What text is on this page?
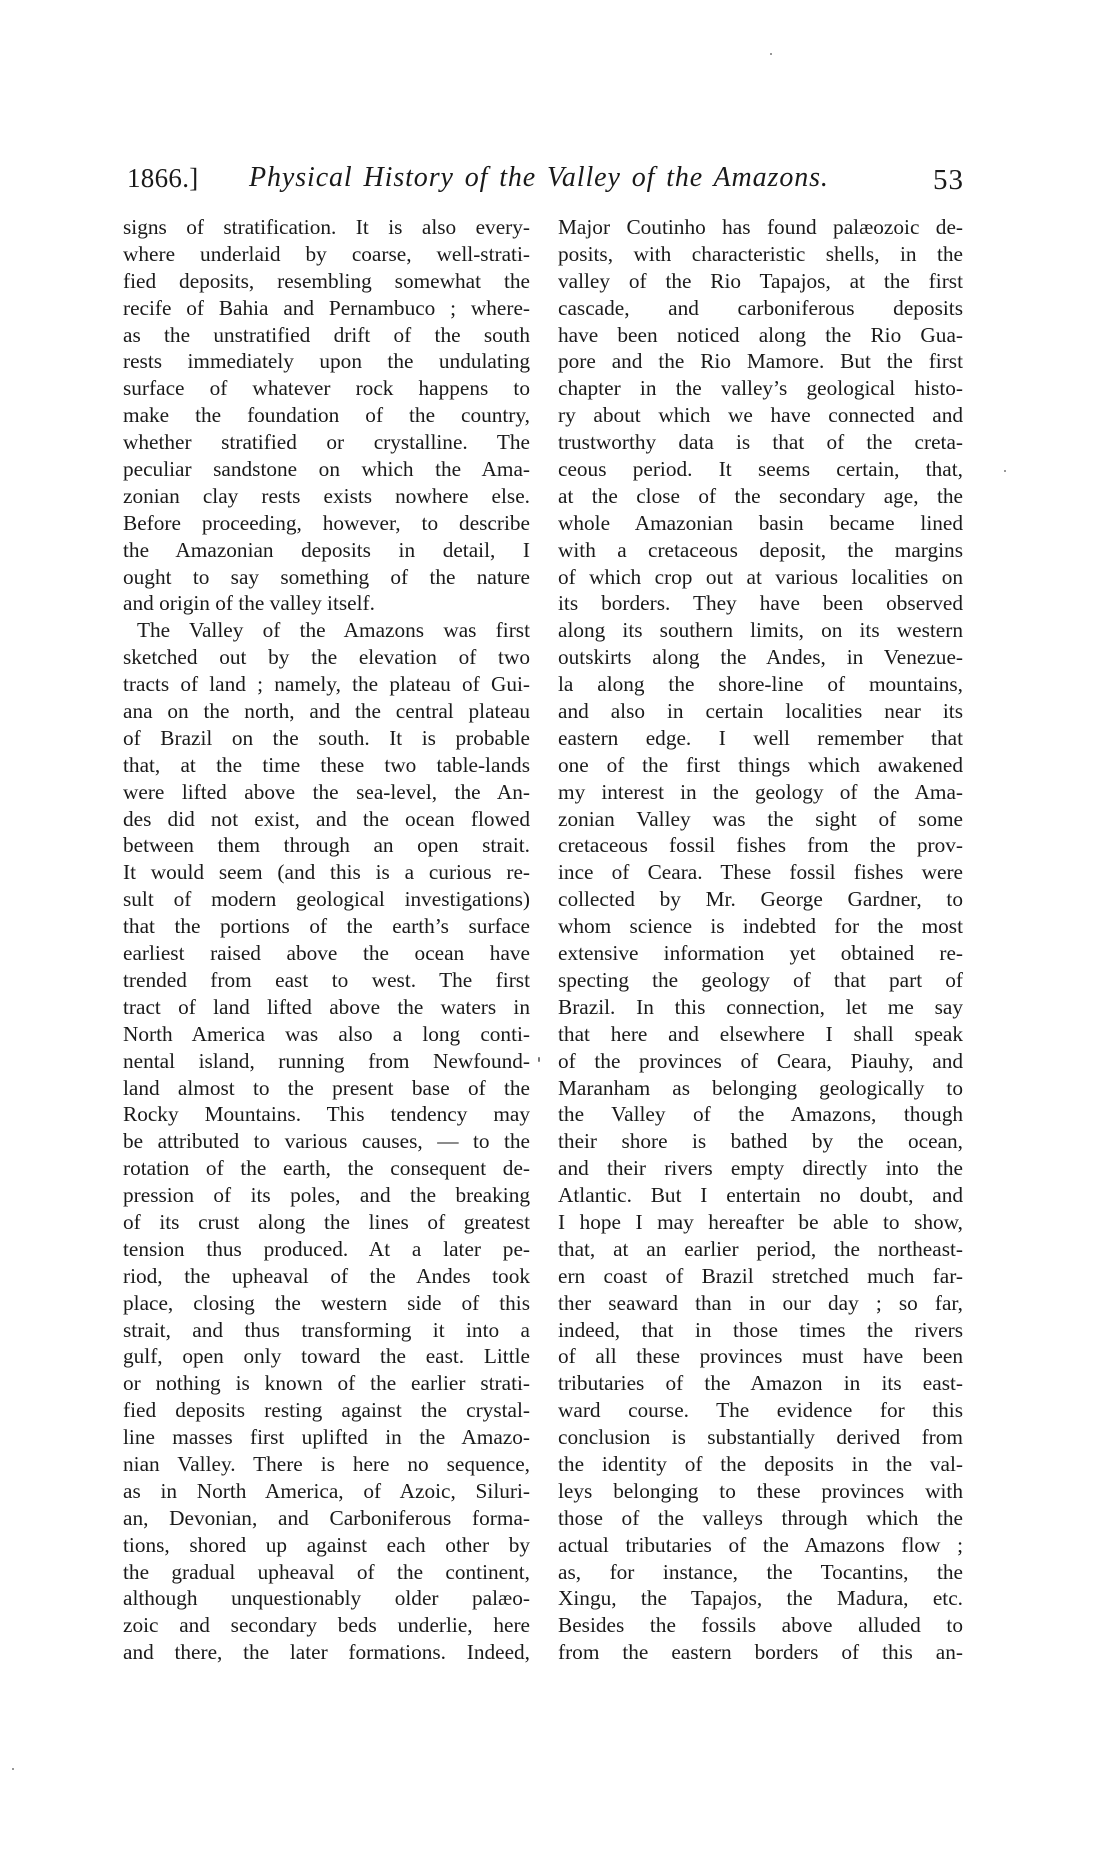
1866.] Physical History of the Valley of the Amazons.	53
signs of stratification. It is also every-
where underlaid by coarse, well-strati-
fied deposits, resembling somewhat the
recife of Bahia and Pernambuco ; where-
as the unstratified drift of the south
rests immediately upon the undulating
surface of whatever rock happens to
make the foundation of the country,
whether stratified or crystalline. The
peculiar sandstone on which the Ama-
zonian clay rests exists nowhere else.
Before proceeding, however, to describe
the Amazonian deposits in detail, I
ought to say something of the nature
and origin of the valley itself.
The Valley of the Amazons was first
sketched out by the elevation of two
tracts of land ; namely, the plateau of Gui-
ana on the north, and the central plateau
of Brazil on the south. It is probable
that, at the time these two table-lands
were lifted above the sea-level, the An-
des did not exist, and the ocean flowed
between them through an open strait.
It would seem (and this is a curious re-
sult of modern geological investigations)
that the portions of the earth’s surface
earliest raised above the ocean have
trended from east to west. The first
tract of land lifted above the waters in
North America was also a long conti-
nental island, running from Newfound-
land almost to the present base of the
Rocky Mountains. This tendency may
be attributed to various causes, — to the
rotation of the earth, the consequent de-
pression of its poles, and the breaking
of its crust along the lines of greatest
tension thus produced. At a later pe-
riod, the upheaval of the Andes took
place, closing the western side of this
strait, and thus transforming it into a
gulf, open only toward the east. Little
or nothing is known of the earlier strati-
fied deposits resting against the crystal-
line masses first uplifted in the Amazo-
nian Valley. There is here no sequence,
as in North America, of Azoic, Siluri-
an, Devonian, and Carboniferous forma-
tions, shored up against each other by
the gradual upheaval of the continent,
although unquestionably older palæo-
zoic and secondary beds underlie, here
and there, the later formations. Indeed,
Major Coutinho has found palæozoic de-
posits, with characteristic shells, in the
valley of the Rio Tapajos, at the first
cascade, and carboniferous deposits
have been noticed along the Rio Gua-
pore and the Rio Mamore. But the first
chapter in the valley’s geological histo-
ry about which we have connected and
trustworthy data is that of the creta-
ceous period. It seems certain, that,
at the close of the secondary age, the
whole Amazonian basin became lined
with a cretaceous deposit, the margins
of which crop out at various localities on
its borders. They have been observed
along its southern limits, on its western
outskirts along the Andes, in Venezue-
la along the shore-line of mountains,
and also in certain localities near its
eastern edge. I well remember that
one of the first things which awakened
my interest in the geology of the Ama-
zonian Valley was the sight of some
cretaceous fossil fishes from the prov-
ince of Ceara. These fossil fishes were
collected by Mr. George Gardner, to
whom science is indebted for the most
extensive information yet obtained re-
specting the geology of that part of
Brazil. In this connection, let me say
that here and elsewhere I shall speak
of the provinces of Ceara, Piauhy, and
Maranham as belonging geologically to
the Valley of the Amazons, though
their shore is bathed by the ocean,
and their rivers empty directly into the
Atlantic. But I entertain no doubt, and
I hope I may hereafter be able to show,
that, at an earlier period, the northeast-
ern coast of Brazil stretched much far-
ther seaward than in our day ; so far,
indeed, that in those times the rivers
of all these provinces must have been
tributaries of the Amazon in its east-
ward course. The evidence for this
conclusion is substantially derived from
the identity of the deposits in the val-
leys belonging to these provinces with
those of the valleys through which the
actual tributaries of the Amazons flow ;
as, for instance, the Tocantins, the
Xingu, the Tapajos, the Madura, etc.
Besides the fossils above alluded to
from the eastern borders of this an-
